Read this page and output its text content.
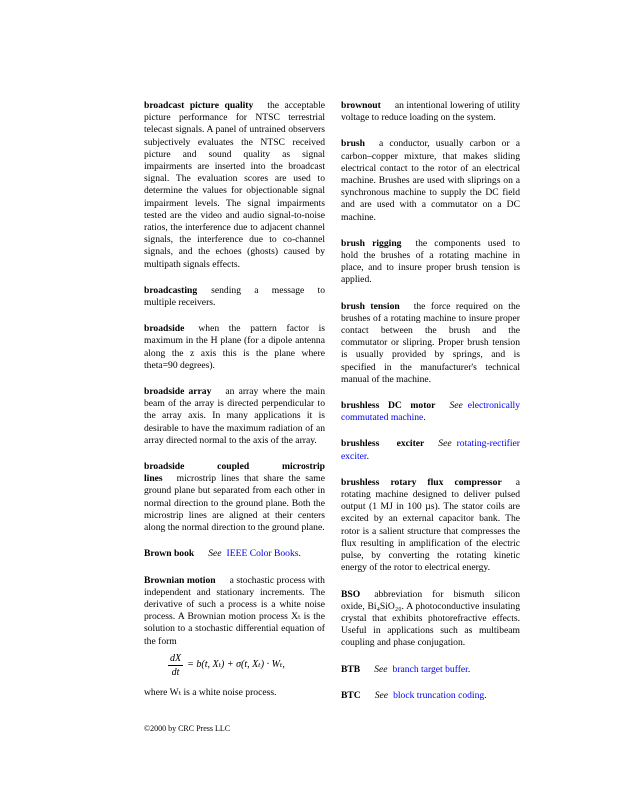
broadcast picture quality the acceptable picture performance for NTSC terrestrial telecast signals. A panel of untrained observers subjectively evaluates the NTSC received picture and sound quality as signal impairments are inserted into the broadcast signal. The evaluation scores are used to determine the values for objectionable signal impairment levels. The signal impairments tested are the video and audio signal-to-noise ratios, the interference due to adjacent channel signals, the interference due to co-channel signals, and the echoes (ghosts) caused by multipath signals effects.

broadcasting sending a message to multiple receivers.

broadside when the pattern factor is maximum in the H plane (for a dipole antenna along the z axis this is the plane where theta=90 degrees).

broadside array an array where the main beam of the array is directed perpendicular to the array axis. In many applications it is desirable to have the maximum radiation of an array directed normal to the axis of the array.

broadside coupled microstrip lines microstrip lines that share the same ground plane but separated from each other in normal direction to the ground plane. Both the microstrip lines are aligned at their centers along the normal direction to the ground plane.

Brown book See IEEE Color Books.

Brownian motion a stochastic process with independent and stationary increments. The derivative of such a process is a white noise process. A Brownian motion process Xₜ is the solution to a stochastic differential equation of the form
$\frac{dX}{dt} = b(t$, Xₜ) + σ(t, Xₜ) · Wₜ,
where Wₜ is a white noise process.

brownout an intentional lowering of utility voltage to reduce loading on the system.

brush a conductor, usually carbon or a carbon–copper mixture, that makes sliding electrical contact to the rotor of an electrical machine. Brushes are used with sliprings on a synchronous machine to supply the DC field and are used with a commutator on a DC machine.

brush rigging the components used to hold the brushes of a rotating machine in place, and to insure proper brush tension is applied.

brush tension the force required on the brushes of a rotating machine to insure proper contact between the brush and the commutator or slipring. Proper brush tension is usually provided by springs, and is specified in the manufacturer's technical manual of the machine.

brushless DC motor See electronically commutated machine.

brushless exciter See rotating-rectifier exciter.

brushless rotary flux compressor a rotating machine designed to deliver pulsed output (1 MJ in 100 µs). The stator coils are excited by an external capacitor bank. The rotor is a salient structure that compresses the flux resulting in amplification of the electric pulse, by converting the rotating kinetic energy of the rotor to electrical energy.

BSO abbreviation for bismuth silicon oxide, Bi₄SiO₂₀. A photoconductive insulating crystal that exhibits photorefractive effects. Useful in applications such as multibeam coupling and phase conjugation.

BTB See branch target buffer.

BTC See block truncation coding.

©2000 by CRC Press LLC
